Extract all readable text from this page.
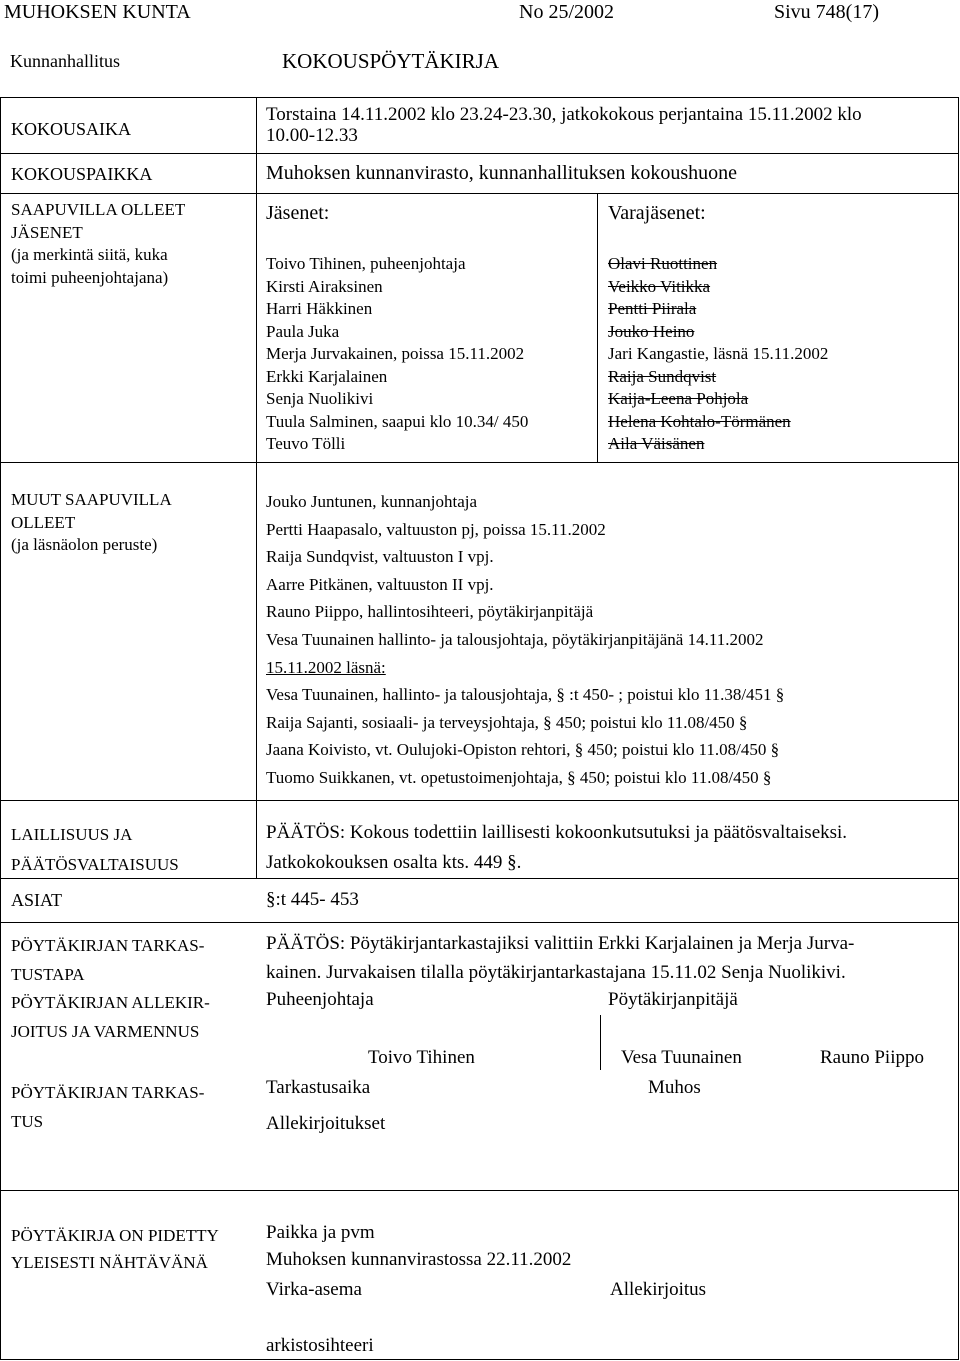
MUHOKSEN KUNTA	No 25/2002	Sivu 748(17)
Kunnanhallitus	KOKOUSPÖYTÄKIRJA
KOKOUSAIKA
Torstaina 14.11.2002 klo 23.24-23.30, jatkokokous perjantaina 15.11.2002 klo
10.00-12.33
KOKOUSPAIKKA	Muhoksen kunnanvirasto, kunnanhallituksen kokoushuone
SAAPUVILLA OLLEET
JÄSENET
(ja merkintä siitä, kuka
toimi puheenjohtajana)
Jäsenet:
Toivo Tihinen, puheenjohtaja
Kirsti Airaksinen
Harri Häkkinen
Paula Juka
Merja Jurvakainen, poissa 15.11.2002
Erkki Karjalainen
Senja Nuolikivi
Tuula Salminen, saapui klo 10.34/ 450
Teuvo Tölli
Varajäsenet:
Olavi Ruottinen
Veikko Vitikka
Pentti Piirala
Jouko Heino
Jari Kangastie, läsnä 15.11.2002
Raija Sundqvist
Kaija-Leena Pohjola
Helena Kohtalo-Törmänen
Aila Väisänen
MUUT SAAPUVILLA
OLLEET
(ja läsnäolon peruste)
Jouko Juntunen, kunnanjohtaja
Pertti Haapasalo, valtuuston pj, poissa 15.11.2002
Raija Sundqvist, valtuuston I vpj.
Aarre Pitkänen, valtuuston II vpj.
Rauno Piippo, hallintosihteeri, pöytäkirjanpitäjä
Vesa Tuunainen hallinto- ja talousjohtaja, pöytäkirjanpitäjänä 14.11.2002
15.11.2002 läsnä:
Vesa Tuunainen, hallinto- ja talousjohtaja, § :t 450- ; poistui klo 11.38/451 §
Raija Sajanti, sosiaali- ja terveysjohtaja, § 450; poistui klo 11.08/450 §
Jaana Koivisto, vt. Oulujoki-Opiston rehtori, § 450; poistui klo 11.08/450 §
Tuomo Suikkanen, vt. opetustoimenjohtaja, § 450; poistui klo 11.08/450 §
LAILLISUUS JA
PÄÄTÖSVALTAISUUS
PÄÄTÖS: Kokous todettiin laillisesti kokoonkutsutuksi ja päätösvaltaiseksi.
Jatkokokouksen osalta kts. 449 §.
ASIAT	§:t 445- 453
PÖYTÄKIRJAN TARKAS-
TUSTAPA
PÄÄTÖS: Pöytäkirjantarkastajiksi valittiin Erkki Karjalainen ja Merja Jurva-
kainen. Jurvakaisen tilalla pöytäkirjantarkastajana 15.11.02 Senja Nuolikivi.
PÖYTÄKIRJAN ALLEKIR-
JOITUS JA VARMENNUS
Puheenjohtaja	Pöytäkirjanpitäjä
Toivo Tihinen	Vesa Tuunainen	Rauno Piippo
PÖYTÄKIRJAN TARKAS-
TUS
Tarkastusaika	Muhos
Allekirjoitukset
PÖYTÄKIRJA ON PIDETTY
YLEISESTI NÄHTÄVÄNÄ
Paikka ja pvm
Muhoksen kunnanvirastossa 22.11.2002
Virka-asema	Allekirjoitus
arkistosihteeri
